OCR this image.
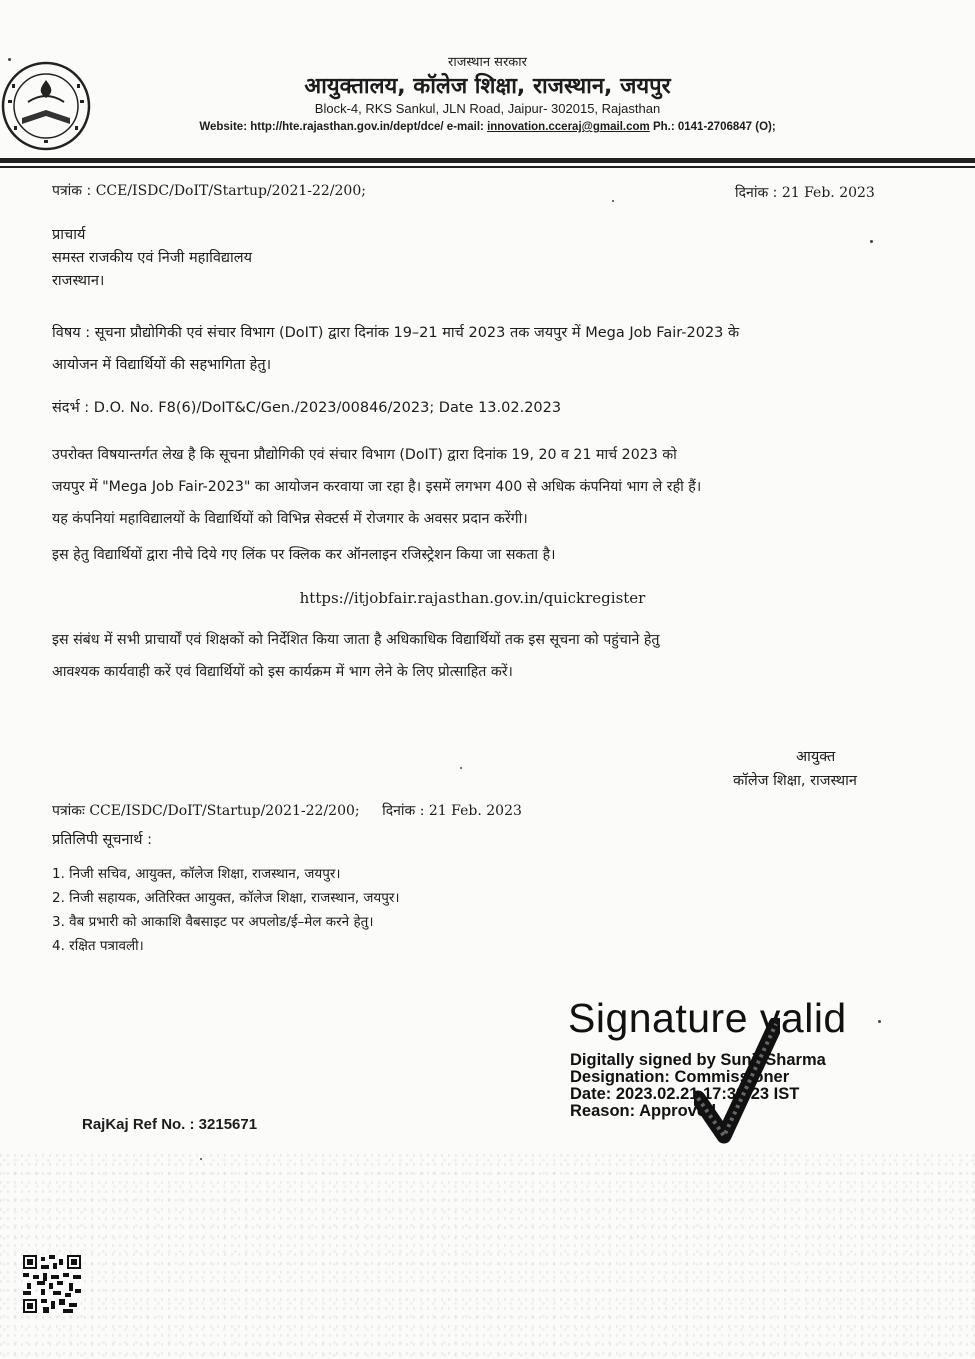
राजस्थान सरकार
आयुक्तालय, कॉलेज शिक्षा, राजस्थान, जयपुर
Block-4, RKS Sankul, JLN Road, Jaipur- 302015, Rajasthan
Website: http://hte.rajasthan.gov.in/dept/dce/ e-mail: innovation.cceraj@gmail.com Ph.: 0141-2706847 (O);
पत्रांक : CCE/ISDC/DoIT/Startup/2021-22/200;	दिनांक : 21 Feb. 2023
प्राचार्य
समस्त राजकीय एवं निजी महाविद्यालय
राजस्थान।
विषय : सूचना प्रौद्योगिकी एवं संचार विभाग (DoIT) द्वारा दिनांक 19–21 मार्च 2023 तक जयपुर में Mega Job Fair-2023 के
आयोजन में विद्यार्थियों की सहभागिता हेतु।
संदर्भ : D.O. No. F8(6)/DoIT&C/Gen./2023/00846/2023; Date 13.02.2023
उपरोक्त विषयान्तर्गत लेख है कि सूचना प्रौद्योगिकी एवं संचार विभाग (DoIT) द्वारा दिनांक 19, 20 व 21 मार्च 2023 को
जयपुर में "Mega Job Fair-2023" का आयोजन करवाया जा रहा है। इसमें लगभग 400 से अधिक कंपनियां भाग ले रही हैं।
यह कंपनियां महाविद्यालयों के विद्यार्थियों को विभिन्न सेक्टर्स में रोजगार के अवसर प्रदान करेंगी।
इस हेतु विद्यार्थियों द्वारा नीचे दिये गए लिंक पर क्लिक कर ऑनलाइन रजिस्ट्रेशन किया जा सकता है।
https://itjobfair.rajasthan.gov.in/quickregister
इस संबंध में सभी प्राचार्यों एवं शिक्षकों को निर्देशित किया जाता है अधिकाधिक विद्यार्थियों तक इस सूचना को पहुंचाने हेतु
आवश्यक कार्यवाही करें एवं विद्यार्थियों को इस कार्यक्रम में भाग लेने के लिए प्रोत्साहित करें।
आयुक्त
कॉलेज शिक्षा, राजस्थान
पत्रांकः CCE/ISDC/DoIT/Startup/2021-22/200; दिनांक : 21 Feb. 2023
प्रतिलिपी सूचनार्थ :
1. निजी सचिव, आयुक्त, कॉलेज शिक्षा, राजस्थान, जयपुर।
2. निजी सहायक, अतिरिक्त आयुक्त, कॉलेज शिक्षा, राजस्थान, जयपुर।
3. वैब प्रभारी को आकाशि वैबसाइट पर अपलोड/ई–मेल करने हेतु।
4. रक्षित पत्रावली।
Signature valid
Digitally signed by Sunil Sharma
Designation: Commissioner
Date: 2023.02.21 17:38:23 IST
Reason: Approved
RajKaj Ref No. : 3215671
